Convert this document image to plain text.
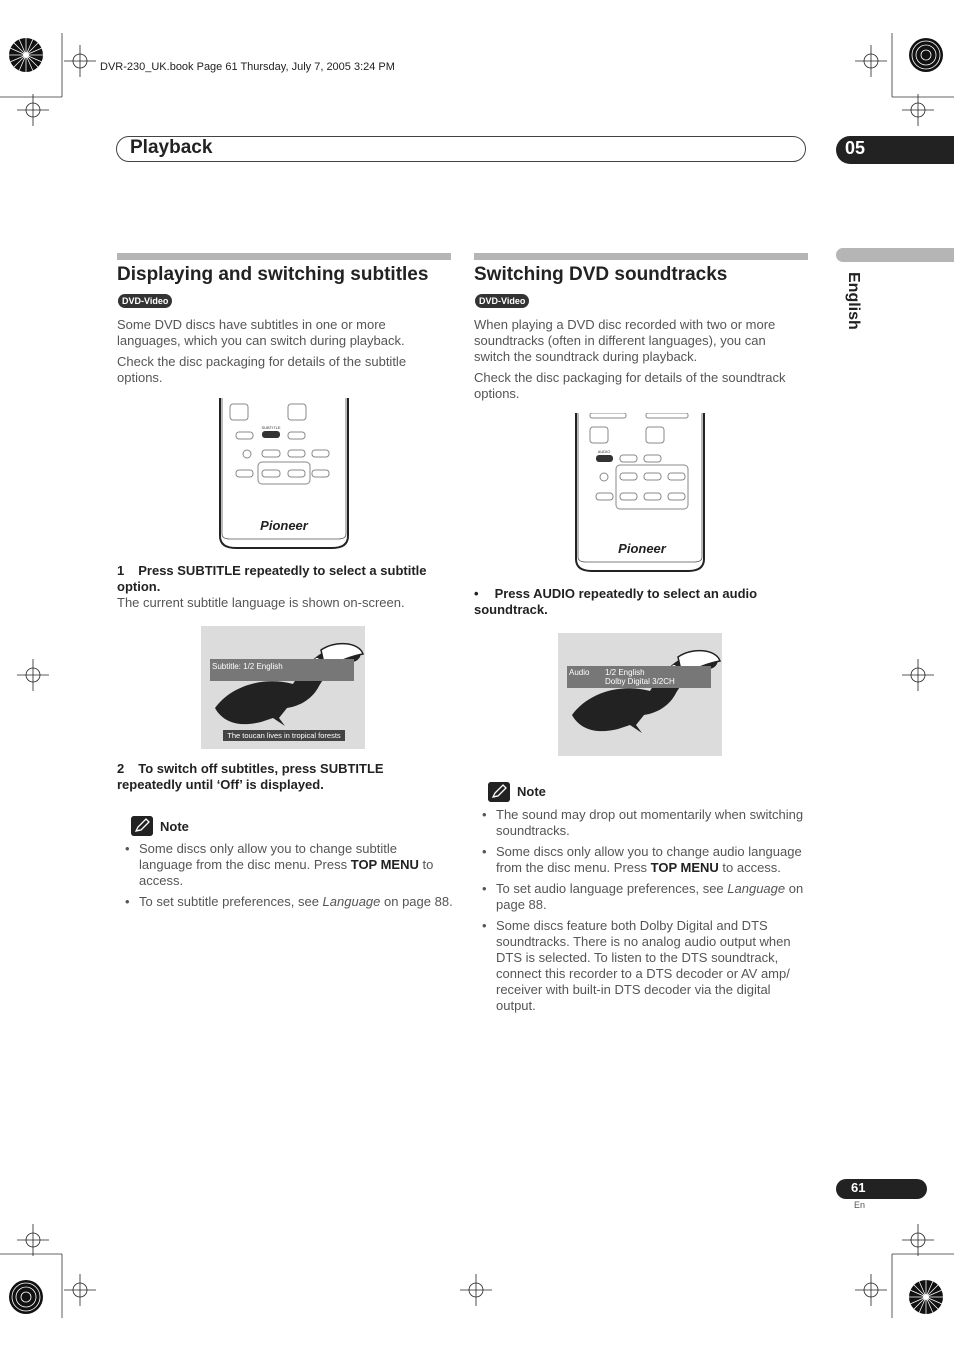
DVR-230_UK.book Page 61 Thursday, July 7, 2005 3:24 PM
Playback	05
English
Displaying and switching subtitles
DVD-Video
Some DVD discs have subtitles in one or more languages, which you can switch during playback.
Check the disc packaging for details of the subtitle options.
SUBTITLE
Pioneer
1 Press SUBTITLE repeatedly to select a subtitle option.
The current subtitle language is shown on-screen.
Subtitle: 1/2 English
The toucan lives in tropical forests
2 To switch off subtitles, press SUBTITLE repeatedly until ‘Off’ is displayed.
Note
• Some discs only allow you to change subtitle language from the disc menu. Press TOP MENU to access.
• To set subtitle preferences, see Language on page 88.
Switching DVD soundtracks
DVD-Video
When playing a DVD disc recorded with two or more soundtracks (often in different languages), you can switch the soundtrack during playback.
Check the disc packaging for details of the soundtrack options.
AUDIO
Pioneer
• Press AUDIO repeatedly to select an audio soundtrack.
Audio 1/2 English
Dolby Digital 3/2CH
Note
• The sound may drop out momentarily when switching soundtracks.
• Some discs only allow you to change audio language from the disc menu. Press TOP MENU to access.
• To set audio language preferences, see Language on page 88.
• Some discs feature both Dolby Digital and DTS soundtracks. There is no analog audio output when DTS is selected. To listen to the DTS soundtrack, connect this recorder to a DTS decoder or AV amp/ receiver with built-in DTS decoder via the digital output.
61
En
